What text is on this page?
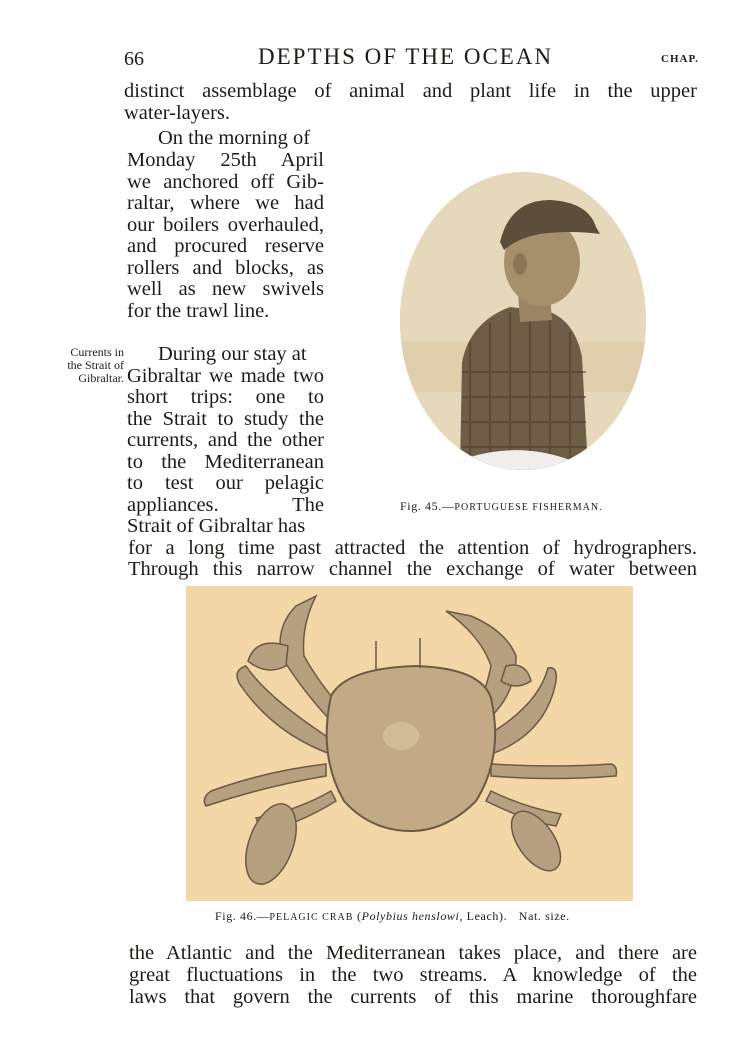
66	DEPTHS OF THE OCEAN	CHAP.
distinct assemblage of animal and plant life in the upper
water-layers.
On the morning of
Monday 25th April
we anchored off Gib-
raltar, where we had
our boilers overhauled,
and procured reserve
rollers and blocks, as
well as new swivels
for the trawl line.
Currents in
the Strait of
Gibraltar.
During our stay at
Gibraltar we made two
short trips: one to
the Strait to study the
currents, and the other
to the Mediterranean
to test our pelagic
appliances. The
Strait of Gibraltar has
Fig. 45.—PORTUGUESE FISHERMAN.
for a long time past attracted the attention of hydrographers.
Through this narrow channel the exchange of water between
Fig. 46.—PELAGIC CRAB (Polybius henslowi, Leach). Nat. size.
the Atlantic and the Mediterranean takes place, and there are
great fluctuations in the two streams. A knowledge of the
laws that govern the currents of this marine thoroughfare
